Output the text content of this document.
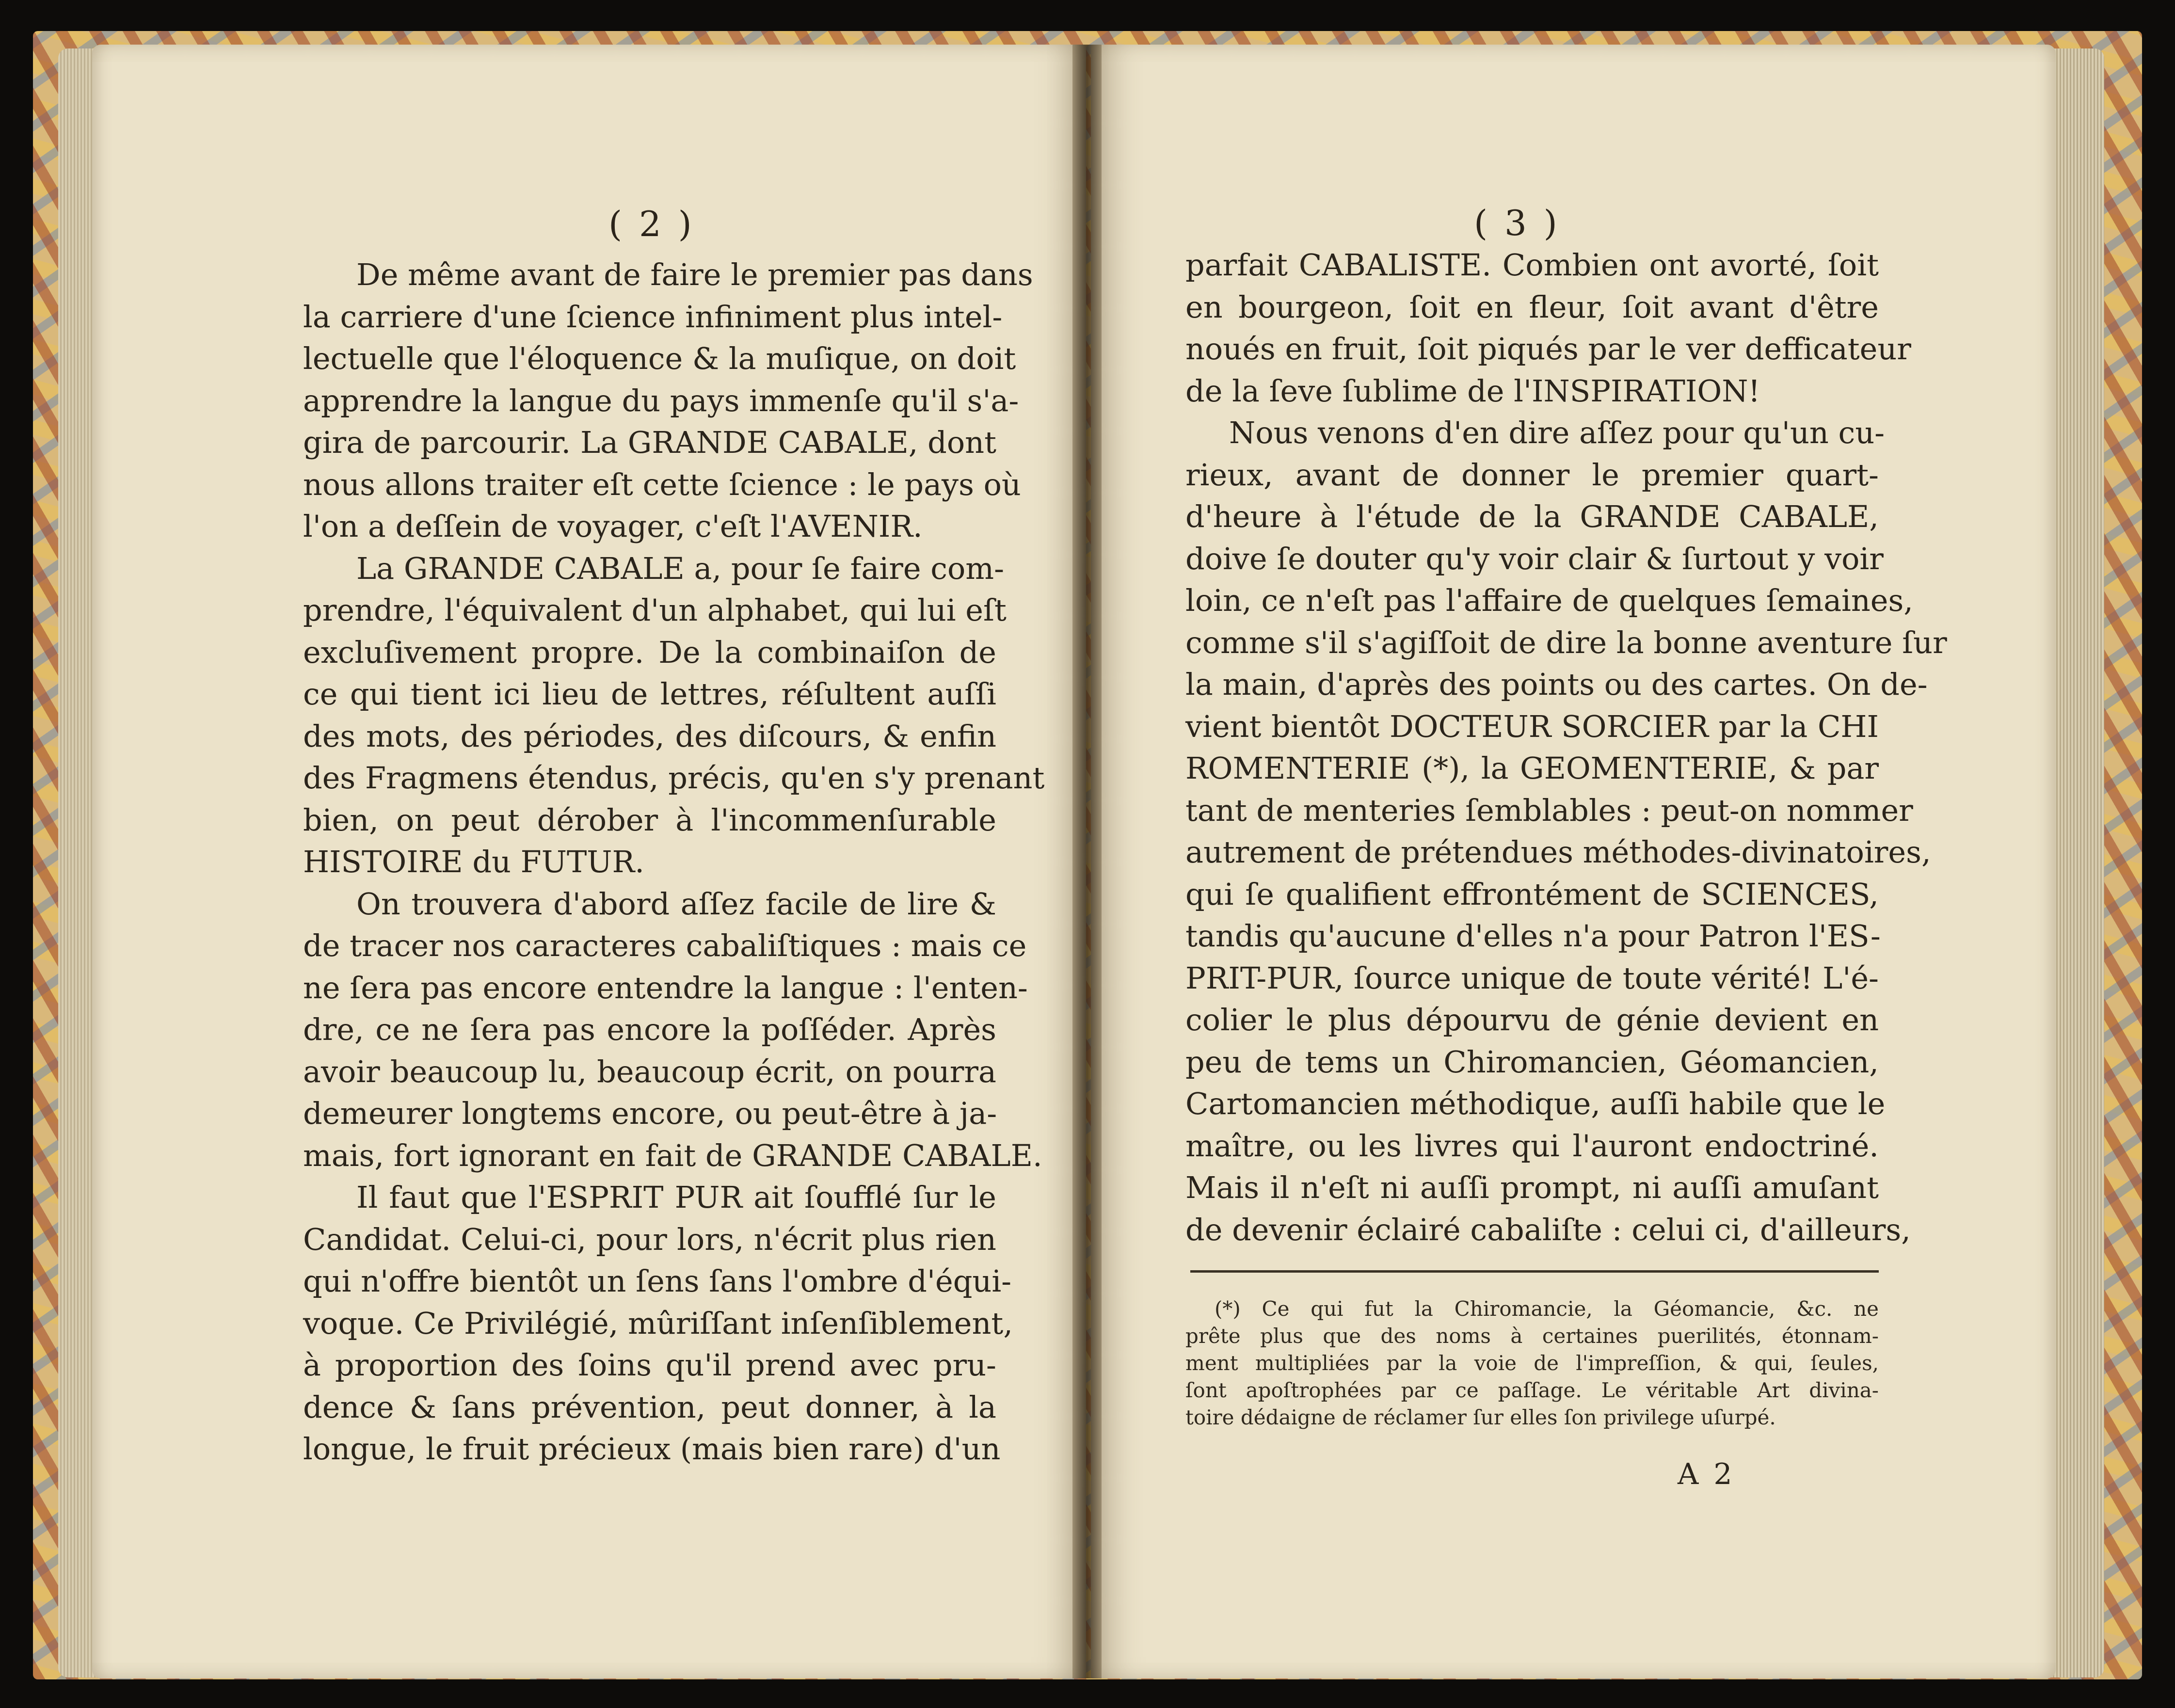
( 2 )	( 3 )
De même avant de faire le premier pas dans
la carriere d'une ſcience infiniment plus intel-
lectuelle que l'éloquence & la muſique, on doit
apprendre la langue du pays immenſe qu'il s'a-
gira de parcourir. La GRANDE CABALE, dont
nous allons traiter eſt cette ſcience : le pays où
l'on a deſſein de voyager, c'eſt l'AVENIR.
La GRANDE CABALE a, pour ſe faire com-
prendre, l'équivalent d'un alphabet, qui lui eſt
excluſivement propre. De la combinaiſon de
ce qui tient ici lieu de lettres, réſultent auſſi
des mots, des périodes, des diſcours, & enfin
des Fragmens étendus, précis, qu'en s'y prenant
bien, on peut dérober à l'incommenſurable
HISTOIRE du FUTUR.
On trouvera d'abord aſſez facile de lire &
de tracer nos caracteres cabaliſtiques : mais ce
ne ſera pas encore entendre la langue : l'enten-
dre, ce ne ſera pas encore la poſſéder. Après
avoir beaucoup lu, beaucoup écrit, on pourra
demeurer longtems encore, ou peut-être à ja-
mais, fort ignorant en fait de GRANDE CABALE.
Il faut que l'ESPRIT PUR ait ſoufflé ſur le
Candidat. Celui-ci, pour lors, n'écrit plus rien
qui n'offre bientôt un ſens ſans l'ombre d'équi-
voque. Ce Privilégié, mûriſſant inſenſiblement,
à proportion des ſoins qu'il prend avec pru-
dence & ſans prévention, peut donner, à la
longue, le fruit précieux (mais bien rare) d'un
parfait CABALISTE. Combien ont avorté, ſoit
en bourgeon, ſoit en fleur, ſoit avant d'être
noués en fruit, ſoit piqués par le ver defficateur
de la ſeve ſublime de l'INSPIRATION!
Nous venons d'en dire aſſez pour qu'un cu-
rieux, avant de donner le premier quart-
d'heure à l'étude de la GRANDE CABALE,
doive ſe douter qu'y voir clair & ſurtout y voir
loin, ce n'eſt pas l'affaire de quelques ſemaines,
comme s'il s'agiſſoit de dire la bonne aventure ſur
la main, d'après des points ou des cartes. On de-
vient bientôt DOCTEUR SORCIER par la CHI
ROMENTERIE (*), la GEOMENTERIE, & par
tant de menteries ſemblables : peut-on nommer
autrement de prétendues méthodes-divinatoires,
qui ſe qualifient effrontément de SCIENCES,
tandis qu'aucune d'elles n'a pour Patron l'ES-
PRIT-PUR, ſource unique de toute vérité! L'é-
colier le plus dépourvu de génie devient en
peu de tems un Chiromancien, Géomancien,
Cartomancien méthodique, auſſi habile que le
maître, ou les livres qui l'auront endoctriné.
Mais il n'eſt ni auſſi prompt, ni auſſi amuſant
de devenir éclairé cabaliſte : celui ci, d'ailleurs,
(*) Ce qui fut la Chiromancie, la Géomancie, &c. ne
prête plus que des noms à certaines puerilités, étonnam-
ment multipliées par la voie de l'impreſſion, & qui, ſeules,
ſont apoſtrophées par ce paſſage. Le véritable Art divina-
toire dédaigne de réclamer ſur elles ſon privilege uſurpé.
A 2
